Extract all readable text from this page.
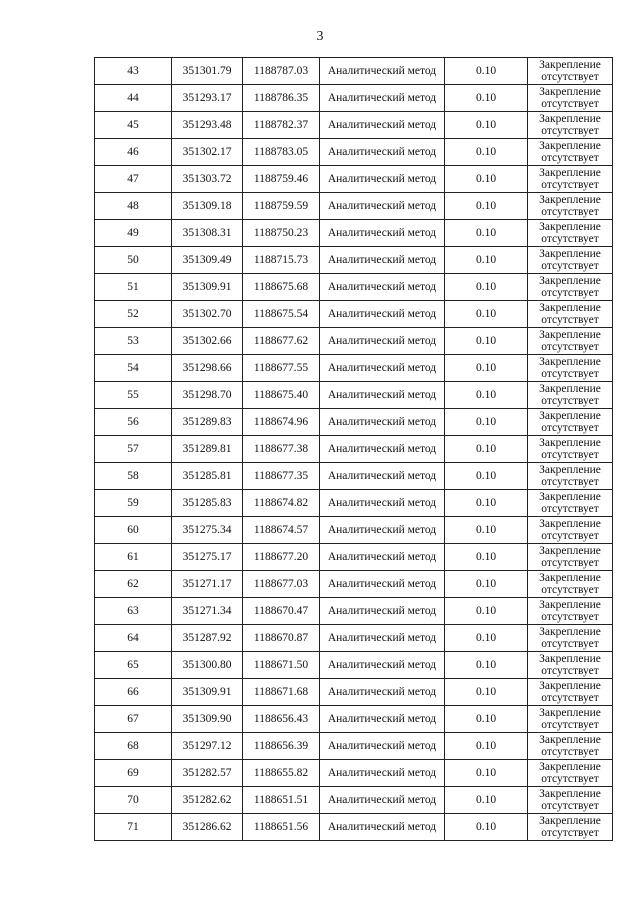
3
43	351301.79	1188787.03	Аналитический метод	0.10	Закрепление
отсутствует

44	351293.17	1188786.35	Аналитический метод	0.10	Закрепление
отсутствует

45	351293.48	1188782.37	Аналитический метод	0.10	Закрепление
отсутствует

46	351302.17	1188783.05	Аналитический метод	0.10	Закрепление
отсутствует

47	351303.72	1188759.46	Аналитический метод	0.10	Закрепление
отсутствует

48	351309.18	1188759.59	Аналитический метод	0.10	Закрепление
отсутствует

49	351308.31	1188750.23	Аналитический метод	0.10	Закрепление
отсутствует

50	351309.49	1188715.73	Аналитический метод	0.10	Закрепление
отсутствует

51	351309.91	1188675.68	Аналитический метод	0.10	Закрепление
отсутствует

52	351302.70	1188675.54	Аналитический метод	0.10	Закрепление
отсутствует

53	351302.66	1188677.62	Аналитический метод	0.10	Закрепление
отсутствует

54	351298.66	1188677.55	Аналитический метод	0.10	Закрепление
отсутствует

55	351298.70	1188675.40	Аналитический метод	0.10	Закрепление
отсутствует

56	351289.83	1188674.96	Аналитический метод	0.10	Закрепление
отсутствует

57	351289.81	1188677.38	Аналитический метод	0.10	Закрепление
отсутствует

58	351285.81	1188677.35	Аналитический метод	0.10	Закрепление
отсутствует

59	351285.83	1188674.82	Аналитический метод	0.10	Закрепление
отсутствует

60	351275.34	1188674.57	Аналитический метод	0.10	Закрепление
отсутствует

61	351275.17	1188677.20	Аналитический метод	0.10	Закрепление
отсутствует

62	351271.17	1188677.03	Аналитический метод	0.10	Закрепление
отсутствует

63	351271.34	1188670.47	Аналитический метод	0.10	Закрепление
отсутствует

64	351287.92	1188670.87	Аналитический метод	0.10	Закрепление
отсутствует

65	351300.80	1188671.50	Аналитический метод	0.10	Закрепление
отсутствует

66	351309.91	1188671.68	Аналитический метод	0.10	Закрепление
отсутствует

67	351309.90	1188656.43	Аналитический метод	0.10	Закрепление
отсутствует

68	351297.12	1188656.39	Аналитический метод	0.10	Закрепление
отсутствует

69	351282.57	1188655.82	Аналитический метод	0.10	Закрепление
отсутствует

70	351282.62	1188651.51	Аналитический метод	0.10	Закрепление
отсутствует

71	351286.62	1188651.56	Аналитический метод	0.10	Закрепление
отсутствует
